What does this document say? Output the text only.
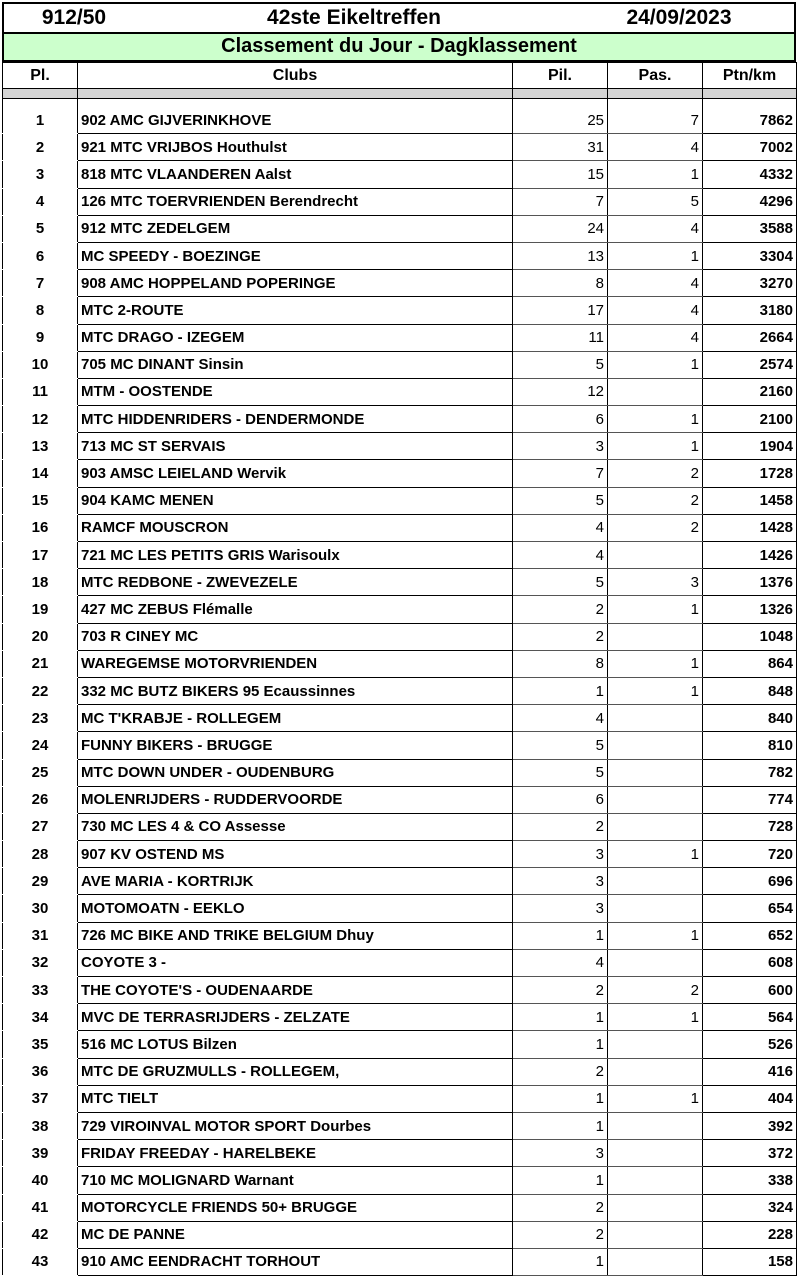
912/50	42ste Eikeltreffen	24/09/2023
Classement du Jour - Dagklassement
Pl.	Clubs	Pil.	Pas.	Ptn/km

1	902 AMC GIJVERINKHOVE	25	7	7862
2	921 MTC VRIJBOS Houthulst	31	4	7002
3	818 MTC VLAANDEREN Aalst	15	1	4332
4	126 MTC TOERVRIENDEN Berendrecht	7	5	4296
5	912 MTC ZEDELGEM	24	4	3588
6	MC SPEEDY - BOEZINGE	13	1	3304
7	908 AMC HOPPELAND POPERINGE	8	4	3270
8	MTC 2-ROUTE	17	4	3180
9	MTC DRAGO - IZEGEM	11	4	2664
10	705 MC DINANT Sinsin	5	1	2574
11	MTM - OOSTENDE	12		2160
12	MTC HIDDENRIDERS - DENDERMONDE	6	1	2100
13	713 MC ST SERVAIS	3	1	1904
14	903 AMSC LEIELAND Wervik	7	2	1728
15	904 KAMC MENEN	5	2	1458
16	RAMCF MOUSCRON	4	2	1428
17	721 MC LES PETITS GRIS Warisoulx	4		1426
18	MTC REDBONE - ZWEVEZELE	5	3	1376
19	427 MC ZEBUS Flémalle	2	1	1326
20	703 R CINEY MC	2		1048
21	WAREGEMSE MOTORVRIENDEN	8	1	864
22	332 MC BUTZ BIKERS 95 Ecaussinnes	1	1	848
23	MC T'KRABJE - ROLLEGEM	4		840
24	FUNNY BIKERS - BRUGGE	5		810
25	MTC DOWN UNDER - OUDENBURG	5		782
26	MOLENRIJDERS - RUDDERVOORDE	6		774
27	730 MC LES 4 & CO Assesse	2		728
28	907 KV OSTEND MS	3	1	720
29	AVE MARIA - KORTRIJK	3		696
30	MOTOMOATN - EEKLO	3		654
31	726 MC BIKE AND TRIKE BELGIUM Dhuy	1	1	652
32	COYOTE 3 -	4		608
33	THE COYOTE'S - OUDENAARDE	2	2	600
34	MVC DE TERRASRIJDERS - ZELZATE	1	1	564
35	516 MC LOTUS Bilzen	1		526
36	MTC DE GRUZMULLS - ROLLEGEM,	2		416
37	MTC TIELT	1	1	404
38	729 VIROINVAL MOTOR SPORT Dourbes	1		392
39	FRIDAY FREEDAY - HARELBEKE	3		372
40	710 MC MOLIGNARD Warnant	1		338
41	MOTORCYCLE FRIENDS 50+ BRUGGE	2		324
42	MC DE PANNE	2		228
43	910 AMC EENDRACHT TORHOUT	1		158
